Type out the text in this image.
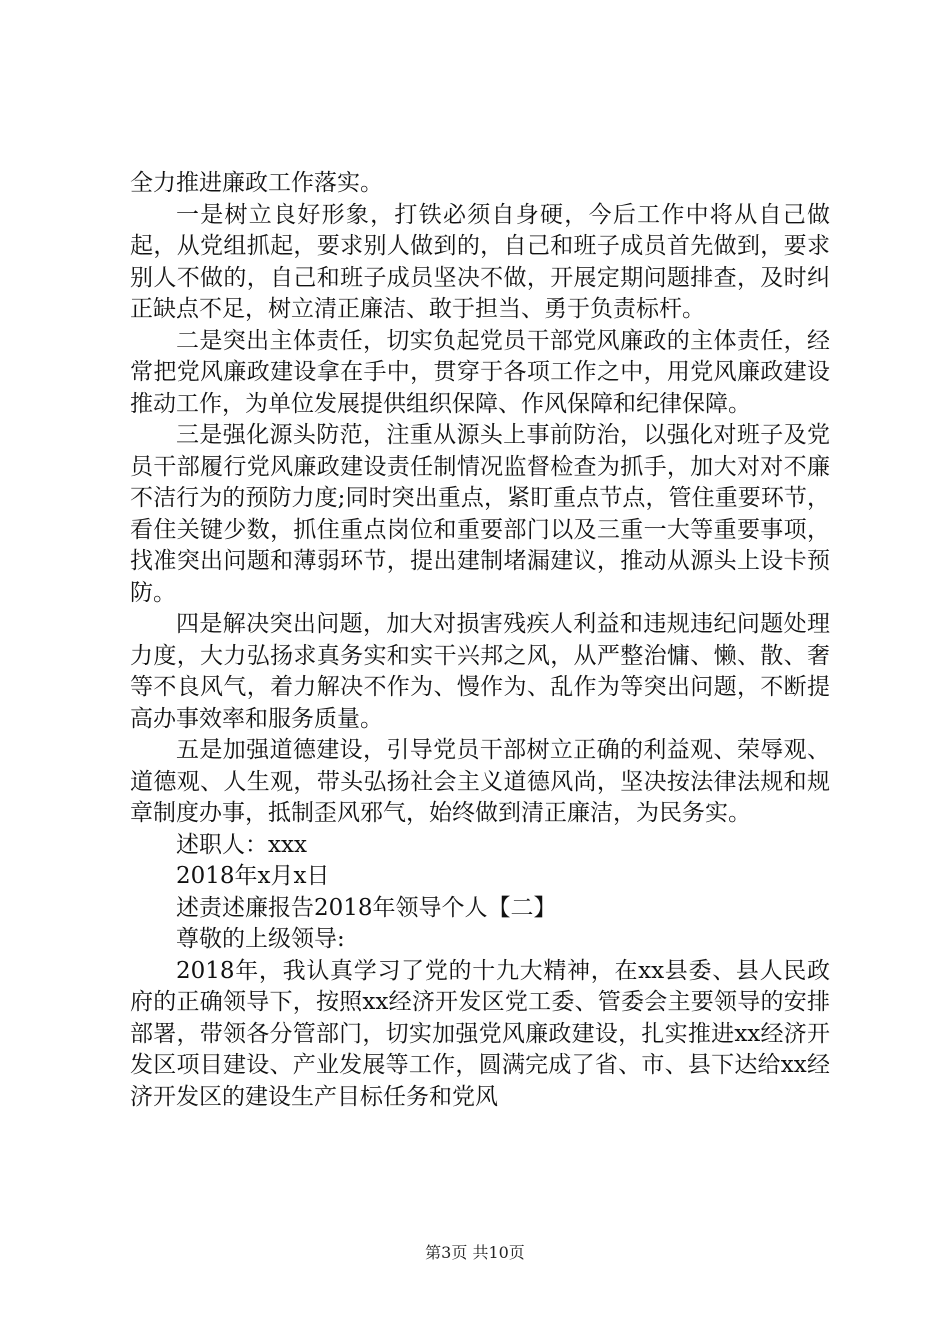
全力推进廉政工作落实。

一是树立良好形象，打铁必须自身硬，今后工作中将从自己做起，从党组抓起，要求别人做到的，自己和班子成员首先做到，要求别人不做的，自己和班子成员坚决不做，开展定期问题排查，及时纠正缺点不足，树立清正廉洁、敢于担当、勇于负责标杆。

二是突出主体责任，切实负起党员干部党风廉政的主体责任，经常把党风廉政建设拿在手中，贯穿于各项工作之中，用党风廉政建设推动工作，为单位发展提供组织保障、作风保障和纪律保障。

三是强化源头防范，注重从源头上事前防治，以强化对班子及党员干部履行党风廉政建设责任制情况监督检查为抓手，加大对对不廉不洁行为的预防力度;同时突出重点，紧盯重点节点，管住重要环节，看住关键少数，抓住重点岗位和重要部门以及三重一大等重要事项，找准突出问题和薄弱环节，提出建制堵漏建议，推动从源头上设卡预防。

四是解决突出问题，加大对损害残疾人利益和违规违纪问题处理力度，大力弘扬求真务实和实干兴邦之风，从严整治慵、懒、散、奢等不良风气，着力解决不作为、慢作为、乱作为等突出问题，不断提高办事效率和服务质量。

五是加强道德建设，引导党员干部树立正确的利益观、荣辱观、道德观、人生观，带头弘扬社会主义道德风尚，坚决按法律法规和规章制度办事，抵制歪风邪气，始终做到清正廉洁，为民务实。

述职人：xxx

2018年x月x日

述责述廉报告2018年领导个人【二】

尊敬的上级领导:

2018年，我认真学习了党的十九大精神，在xx县委、县人民政府的正确领导下，按照xx经济开发区党工委、管委会主要领导的安排部署，带领各分管部门，切实加强党风廉政建设，扎实推进xx经济开发区项目建设、产业发展等工作，圆满完成了省、市、县下达给xx经济开发区的建设生产目标任务和党风

第3页 共10页
